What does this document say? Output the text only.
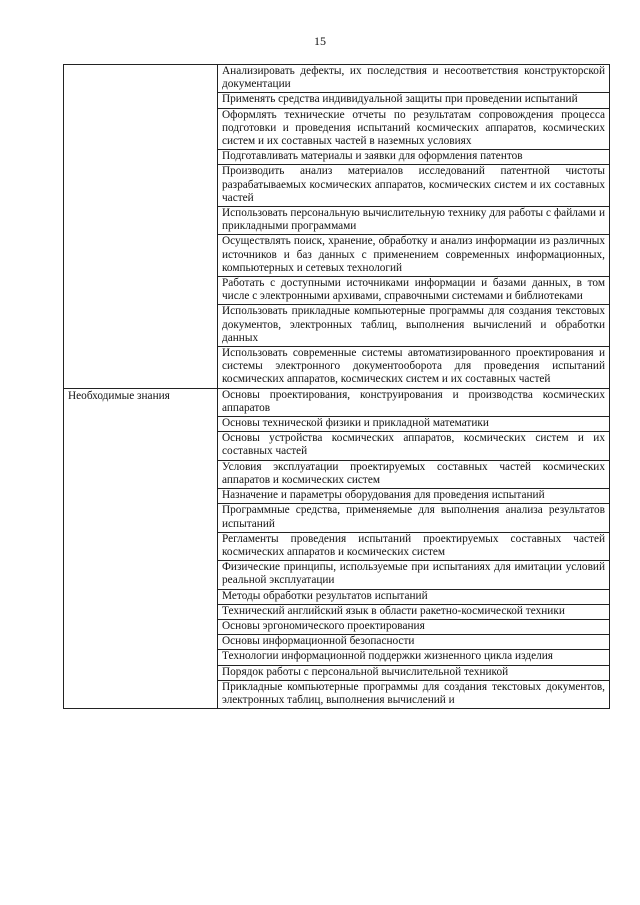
15
	Анализировать дефекты, их последствия и несоответствия конструкторской документации
	Применять средства индивидуальной защиты при проведении испытаний
	Оформлять технические отчеты по результатам сопровождения процесса подготовки и проведения испытаний космических аппаратов, космических систем и их составных частей в наземных условиях
	Подготавливать материалы и заявки для оформления патентов
	Производить анализ материалов исследований патентной чистоты разрабатываемых космических аппаратов, космических систем и их составных частей
	Использовать персональную вычислительную технику для работы с файлами и прикладными программами
	Осуществлять поиск, хранение, обработку и анализ информации из различных источников и баз данных с применением современных информационных, компьютерных и сетевых технологий
	Работать с доступными источниками информации и базами данных, в том числе с электронными архивами, справочными системами и библиотеками
	Использовать прикладные компьютерные программы для создания текстовых документов, электронных таблиц, выполнения вычислений и обработки данных
	Использовать современные системы автоматизированного проектирования и системы электронного документооборота для проведения испытаний космических аппаратов, космических систем и их составных частей
Необходимые знания	Основы проектирования, конструирования и производства космических аппаратов
	Основы технической физики и прикладной математики
	Основы устройства космических аппаратов, космических систем и их составных частей
	Условия эксплуатации проектируемых составных частей космических аппаратов и космических систем
	Назначение и параметры оборудования для проведения испытаний
	Программные средства, применяемые для выполнения анализа результатов испытаний
	Регламенты проведения испытаний проектируемых составных частей космических аппаратов и космических систем
	Физические принципы, используемые при испытаниях для имитации условий реальной эксплуатации
	Методы обработки результатов испытаний
	Технический английский язык в области ракетно-космической техники
	Основы эргономического проектирования
	Основы информационной безопасности
	Технологии информационной поддержки жизненного цикла изделия
	Порядок работы с персональной вычислительной техникой
	Прикладные компьютерные программы для создания текстовых документов, электронных таблиц, выполнения вычислений и
